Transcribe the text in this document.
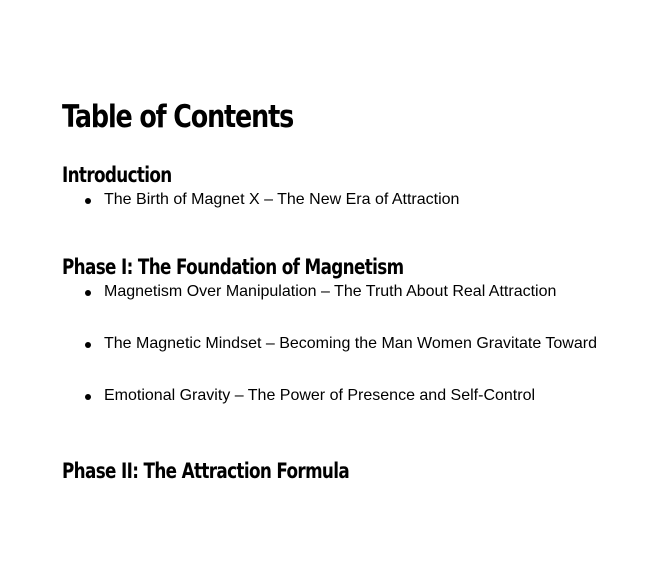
Table of Contents
Introduction
The Birth of Magnet X – The New Era of Attraction
Phase I: The Foundation of Magnetism
Magnetism Over Manipulation – The Truth About Real Attraction
The Magnetic Mindset – Becoming the Man Women Gravitate Toward
Emotional Gravity – The Power of Presence and Self-Control
Phase II: The Attraction Formula
